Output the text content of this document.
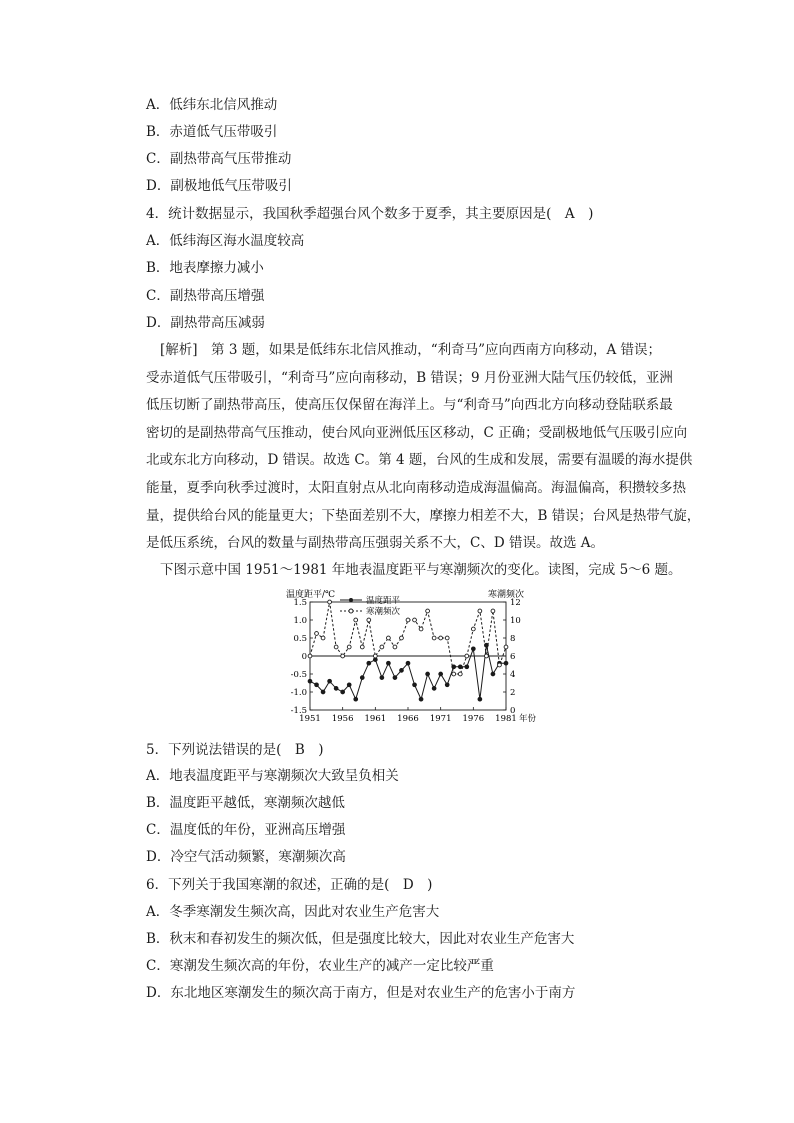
A．低纬东北信风推动
B．赤道低气压带吸引
C．副热带高气压带推动
D．副极地低气压带吸引
4．统计数据显示，我国秋季超强台风个数多于夏季，其主要原因是(　A　)
A．低纬海区海水温度较高
B．地表摩擦力减小
C．副热带高压增强
D．副热带高压减弱
[解析]　第 3 题，如果是低纬东北信风推动，“利奇马”应向西南方向移动，A 错误；
受赤道低气压带吸引，“利奇马”应向南移动，B 错误；9 月份亚洲大陆气压仍较低，亚洲
低压切断了副热带高压，使高压仅保留在海洋上。与“利奇马”向西北方向移动登陆联系最
密切的是副热带高气压推动，使台风向亚洲低压区移动，C 正确；受副极地低气压吸引应向
北或东北方向移动，D 错误。故选 C。第 4 题，台风的生成和发展，需要有温暖的海水提供
能量，夏季向秋季过渡时，太阳直射点从北向南移动造成海温偏高。海温偏高，积攒较多热
量，提供给台风的能量更大；下垫面差别不大，摩擦力相差不大，B 错误；台风是热带气旋，
是低压系统，台风的数量与副热带高压强弱关系不大，C、D 错误。故选 A。
下图示意中国 1951～1981 年地表温度距平与寒潮频次的变化。读图，完成 5～6 题。
温度距平/℃	寒潮频次
温度距平
寒潮频次
1.5
1.0
0.5
0
-0.5
-1.0
-1.5
12
10
8
6
4
2
0
1951 1956 1961 1966 1971 1976 1981 年份
5．下列说法错误的是(　B　)
A．地表温度距平与寒潮频次大致呈负相关
B．温度距平越低，寒潮频次越低
C．温度低的年份，亚洲高压增强
D．冷空气活动频繁，寒潮频次高
6．下列关于我国寒潮的叙述，正确的是(　D　)
A．冬季寒潮发生频次高，因此对农业生产危害大
B．秋末和春初发生的频次低，但是强度比较大，因此对农业生产危害大
C．寒潮发生频次高的年份，农业生产的减产一定比较严重
D．东北地区寒潮发生的频次高于南方，但是对农业生产的危害小于南方
